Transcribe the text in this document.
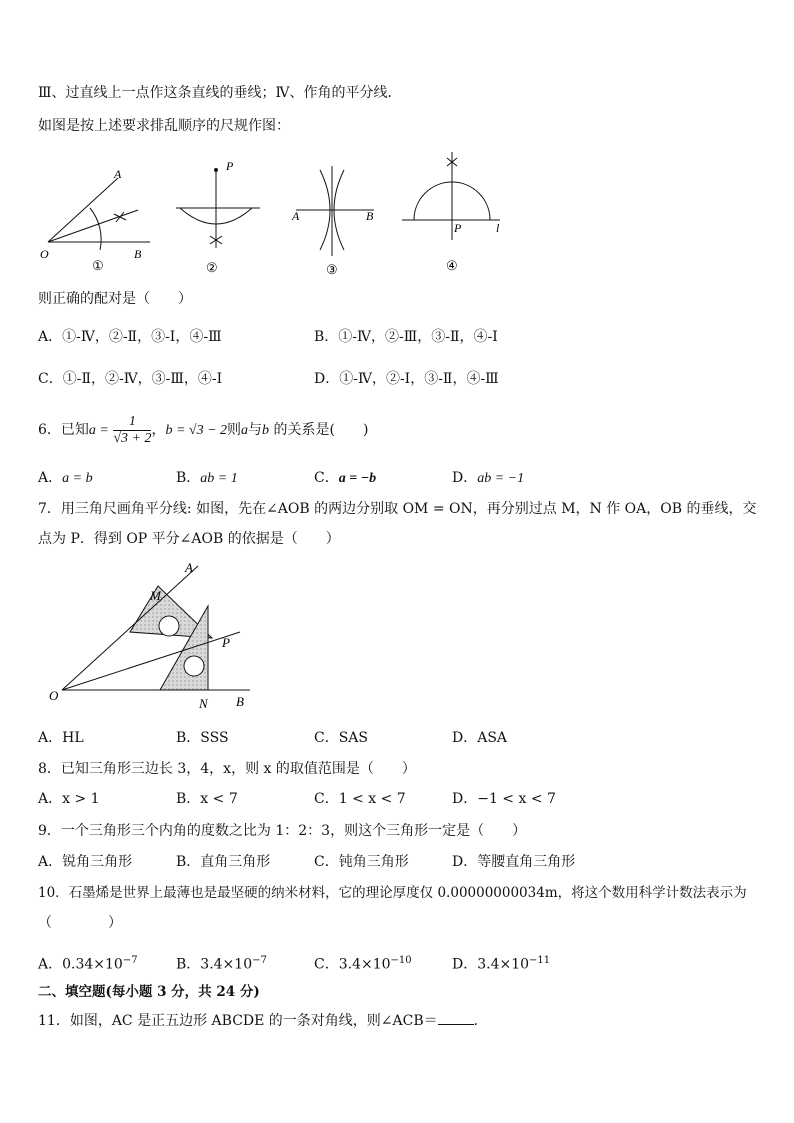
Ⅲ、过直线上一点作这条直线的垂线；Ⅳ、作角的平分线．
如图是按上述要求排乱顺序的尺规作图：
A
O	B
①
P
②
A	B
③
P	l
④
则正确的配对是（　　）
A．①-Ⅳ，②-Ⅱ，③-Ⅰ，④-Ⅲ	B．①-Ⅳ，②-Ⅲ，③-Ⅱ，④-Ⅰ
C．①-Ⅱ，②-Ⅳ，③-Ⅲ，④-Ⅰ	D．①-Ⅳ，②-Ⅰ，③-Ⅱ，④-Ⅲ
6．已知$a = \frac{1}{√3 + 2}$ ，b = √3 − 2则a与b 的关系是(　　)
A．a = b	B．ab = 1	C．a = −b	D．ab = −1
7．用三角尺画角平分线: 如图，先在∠AOB 的两边分别取 OM = ON，再分别过点 M，N 作 OA，OB 的垂线，交
点为 P．得到 OP 平分∠AOB 的依据是（　　）
A
M
P
O
N B
A．HL	B．SSS	C．SAS	D．ASA
8．已知三角形三边长 3，4，x，则 x 的取值范围是（　　）
A．x > 1	B．x < 7	C．1 < x < 7	D．−1 < x < 7
9．一个三角形三个内角的度数之比为 1：2：3，则这个三角形一定是（　　）
A．锐角三角形	B．直角三角形	C．钝角三角形	D．等腰直角三角形
10．石墨烯是世界上最薄也是最坚硬的纳米材料，它的理论厚度仅 0.00000000034m，将这个数用科学计数法表示为
（　　　　）
A．$0.34\times 10^{-7}$	B．$3.4\times 10^{-7}$	C．$3.4\times 10^{-10}$	D．$3.4\times 10^{-11}$
二、填空题(每小题 3 分，共 24 分)
11．如图，AC 是正五边形 ABCDE 的一条对角线，则∠ACB＝	．
